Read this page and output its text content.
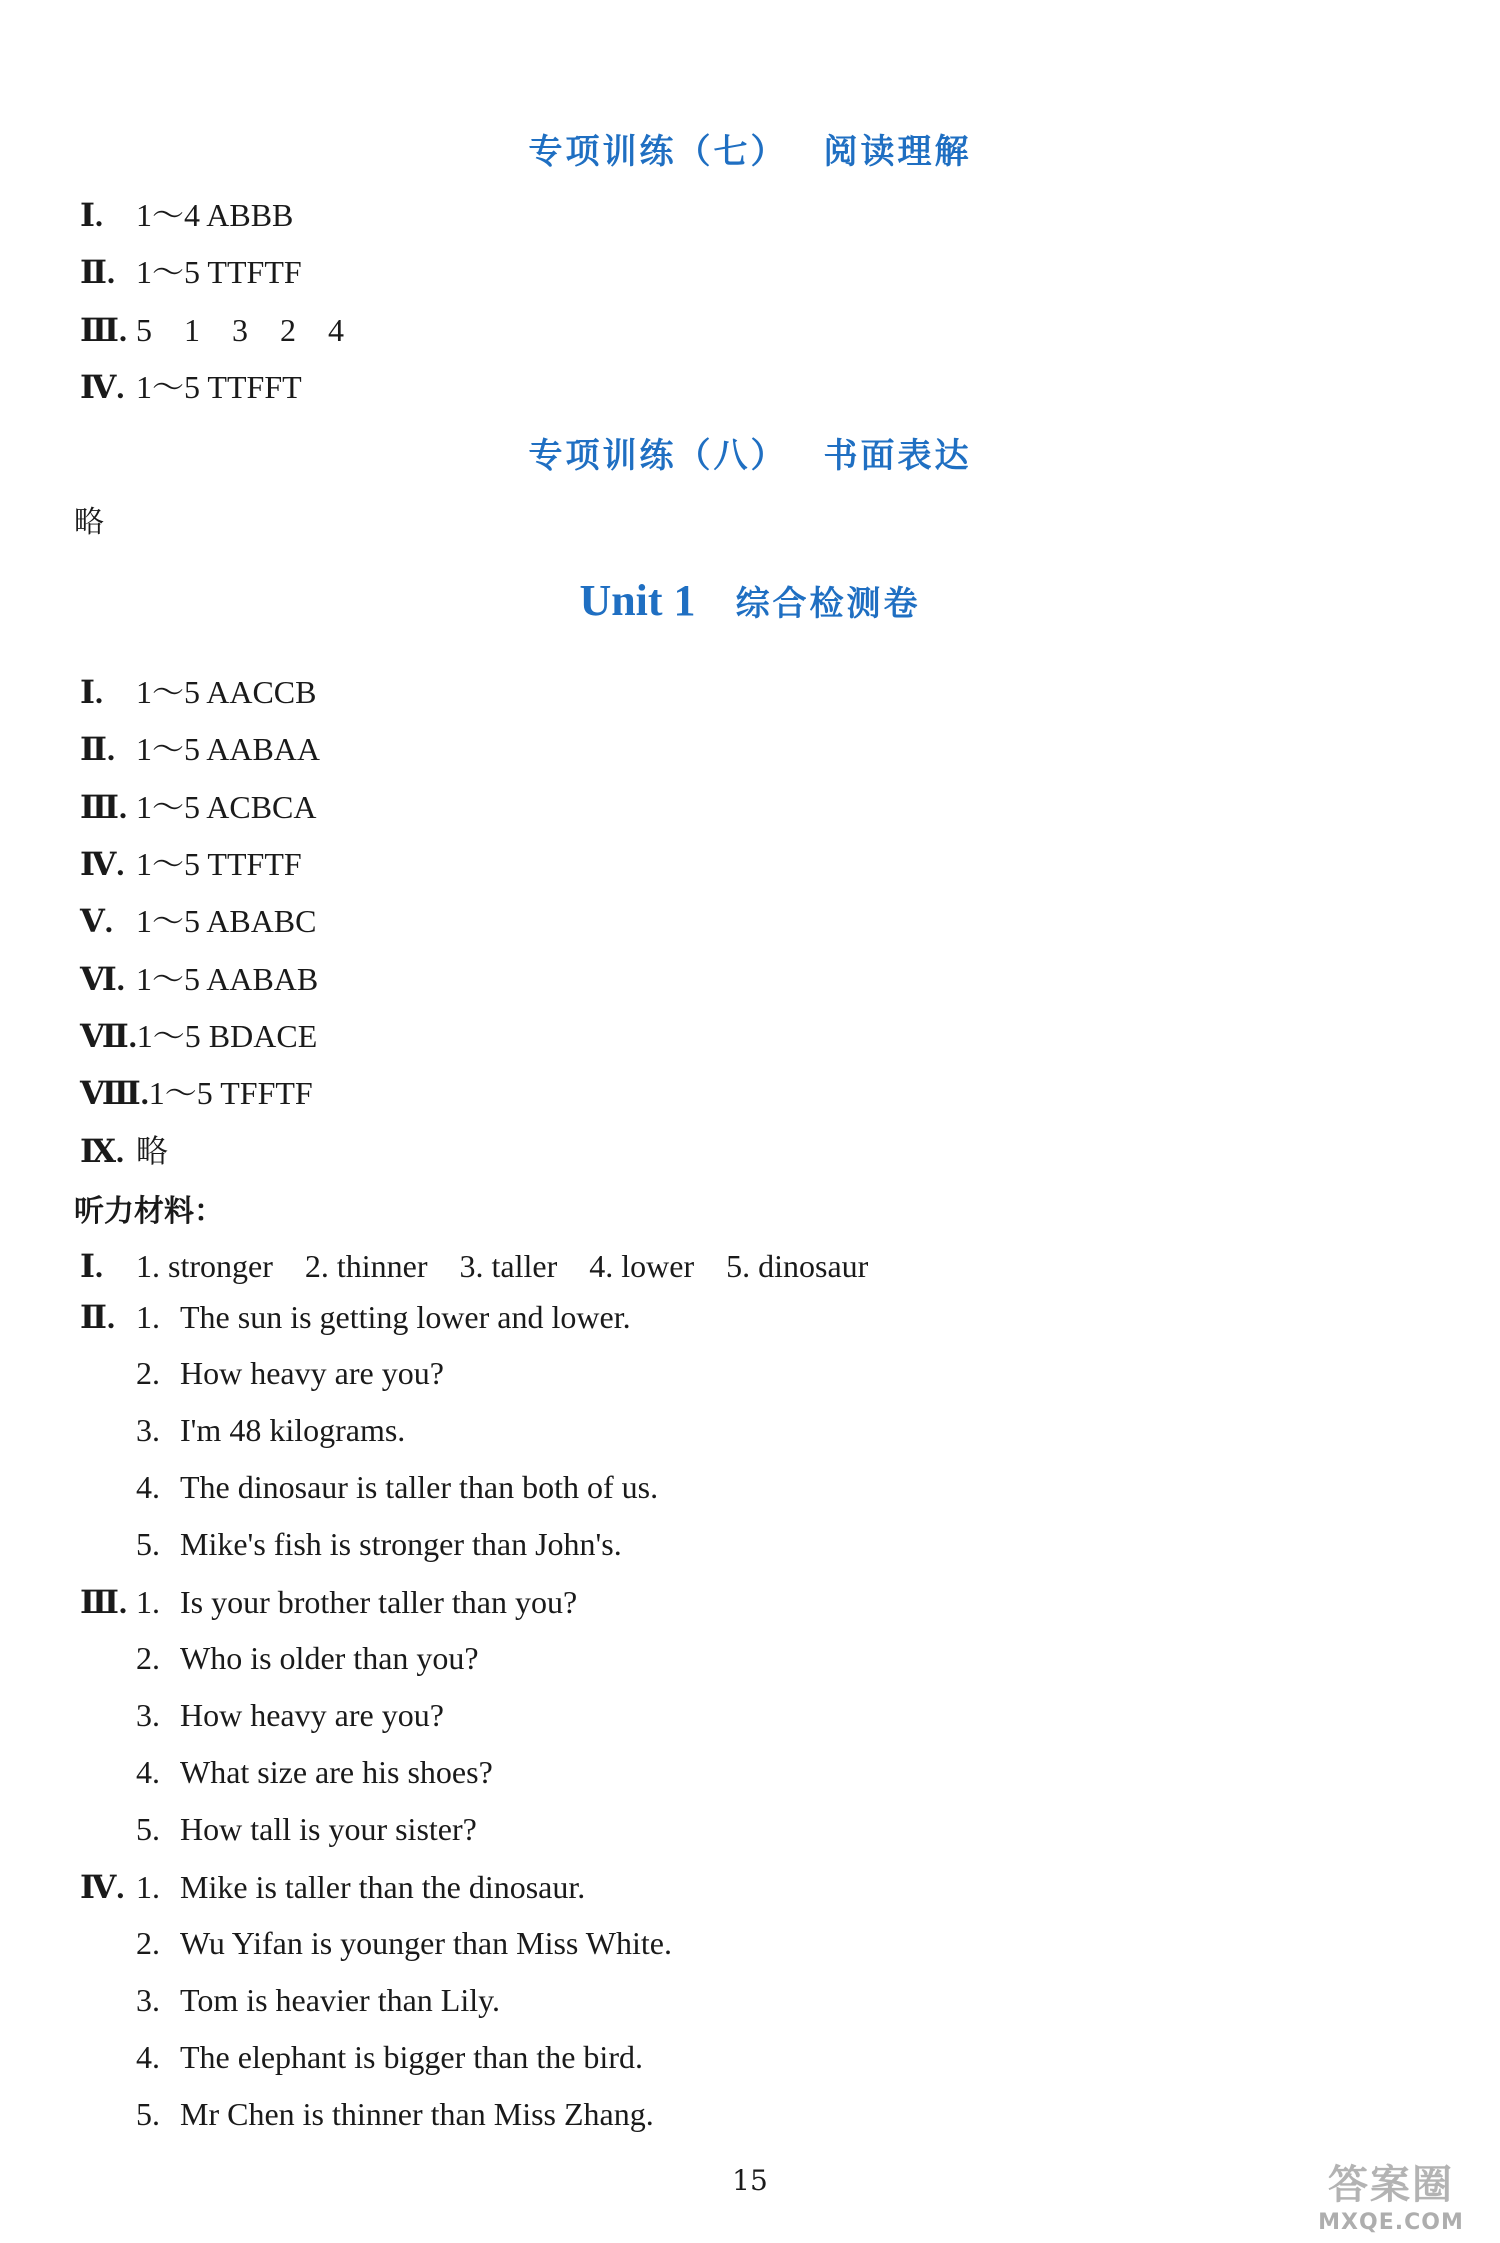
专项训练（七） 阅读理解
Ⅰ. 1～4 ABBB
Ⅱ. 1～5 TTFTF
Ⅲ. 5　1　3　2　4
Ⅳ. 1～5 TTFFT
专项训练（八） 书面表达
略
Unit 1 综合检测卷
Ⅰ. 1～5 AACCB
Ⅱ. 1～5 AABAA
Ⅲ. 1～5 ACBCA
Ⅳ. 1～5 TTFTF
Ⅴ. 1～5 ABABC
Ⅵ. 1～5 AABAB
Ⅶ.1～5 BDACE
Ⅷ.1～5 TFFTF
Ⅸ. 略
听力材料：
Ⅰ. 1. stronger　2. thinner　3. taller　4. lower　5. dinosaur
Ⅱ. 1. The sun is getting lower and lower.
2. How heavy are you?
3. I'm 48 kilograms.
4. The dinosaur is taller than both of us.
5. Mike's fish is stronger than John's.
Ⅲ. 1. Is your brother taller than you?
2. Who is older than you?
3. How heavy are you?
4. What size are his shoes?
5. How tall is your sister?
Ⅳ. 1. Mike is taller than the dinosaur.
2. Wu Yifan is younger than Miss White.
3. Tom is heavier than Lily.
4. The elephant is bigger than the bird.
5. Mr Chen is thinner than Miss Zhang.
15	答案圈
MXQE.COM
